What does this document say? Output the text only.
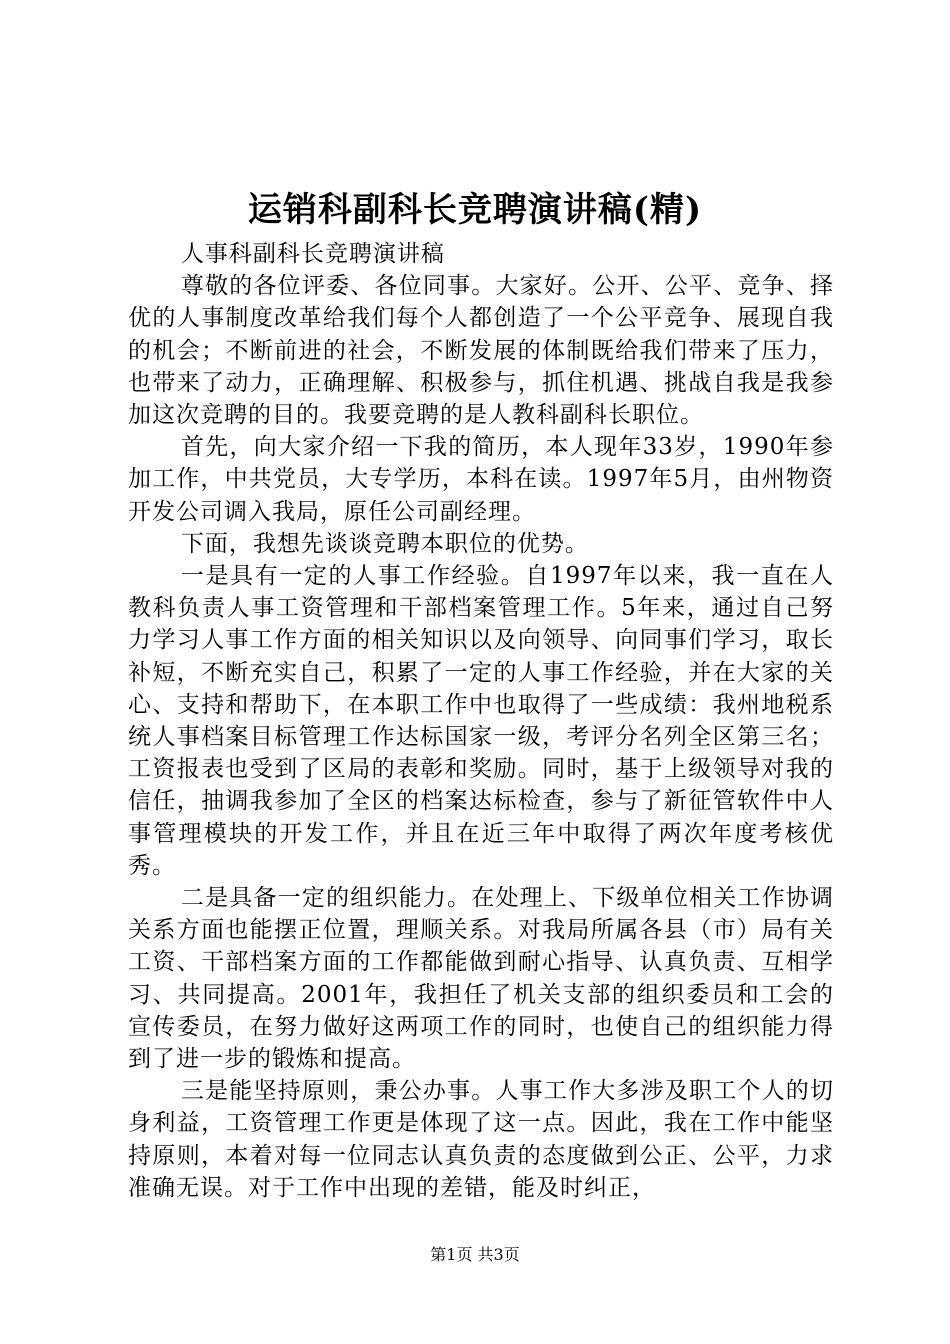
运销科副科长竞聘演讲稿(精)

人事科副科长竞聘演讲稿

尊敬的各位评委、各位同事。大家好。公开、公平、竞争、择优的人事制度改革给我们每个人都创造了一个公平竞争、展现自我的机会；不断前进的社会，不断发展的体制既给我们带来了压力，也带来了动力，正确理解、积极参与，抓住机遇、挑战自我是我参加这次竞聘的目的。我要竞聘的是人教科副科长职位。

首先，向大家介绍一下我的简历，本人现年33岁，1990年参加工作，中共党员，大专学历，本科在读。1997年5月，由州物资开发公司调入我局，原任公司副经理。

下面，我想先谈谈竞聘本职位的优势。

一是具有一定的人事工作经验。自1997年以来，我一直在人教科负责人事工资管理和干部档案管理工作。5年来，通过自己努力学习人事工作方面的相关知识以及向领导、向同事们学习，取长补短，不断充实自己，积累了一定的人事工作经验，并在大家的关心、支持和帮助下，在本职工作中也取得了一些成绩：我州地税系统人事档案目标管理工作达标国家一级，考评分名列全区第三名；工资报表也受到了区局的表彰和奖励。同时，基于上级领导对我的信任，抽调我参加了全区的档案达标检查，参与了新征管软件中人事管理模块的开发工作，并且在近三年中取得了两次年度考核优秀。

二是具备一定的组织能力。在处理上、下级单位相关工作协调关系方面也能摆正位置，理顺关系。对我局所属各县（市）局有关工资、干部档案方面的工作都能做到耐心指导、认真负责、互相学习、共同提高。2001年，我担任了机关支部的组织委员和工会的宣传委员，在努力做好这两项工作的同时，也使自己的组织能力得到了进一步的锻炼和提高。

三是能坚持原则，秉公办事。人事工作大多涉及职工个人的切身利益，工资管理工作更是体现了这一点。因此，我在工作中能坚持原则，本着对每一位同志认真负责的态度做到公正、公平，力求准确无误。对于工作中出现的差错，能及时纠正，

第1页 共3页
